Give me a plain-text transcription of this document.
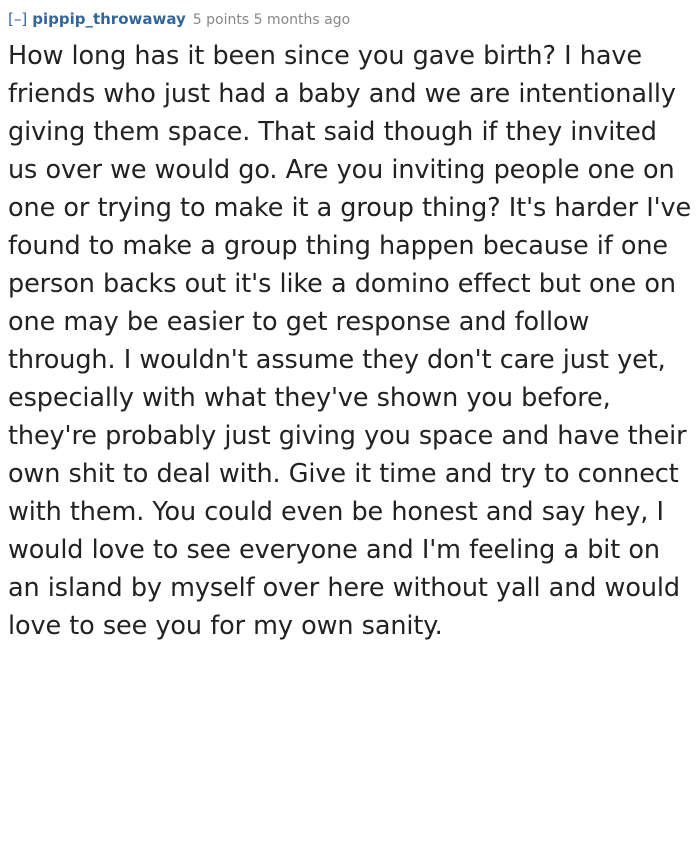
[–] pippip_throwaway 5 points
5 months ago

How long has it been since you gave birth? I have friends who just had a baby and we are intentionally giving them space. That said though if they invited us over we would go. Are you inviting people one on one or trying to make it a group thing? It's harder I've found to make a group thing happen because if one person backs out it's like a domino effect but one on one may be easier to get response and follow through. I wouldn't assume they don't care just yet, especially with what they've shown you before, they're probably just giving you space and have their own shit to deal with. Give it time and try to connect with them. You could even be honest and say hey, I would love to see everyone and I'm feeling a bit on an island by myself over here without yall and would love to see you for my own sanity.
